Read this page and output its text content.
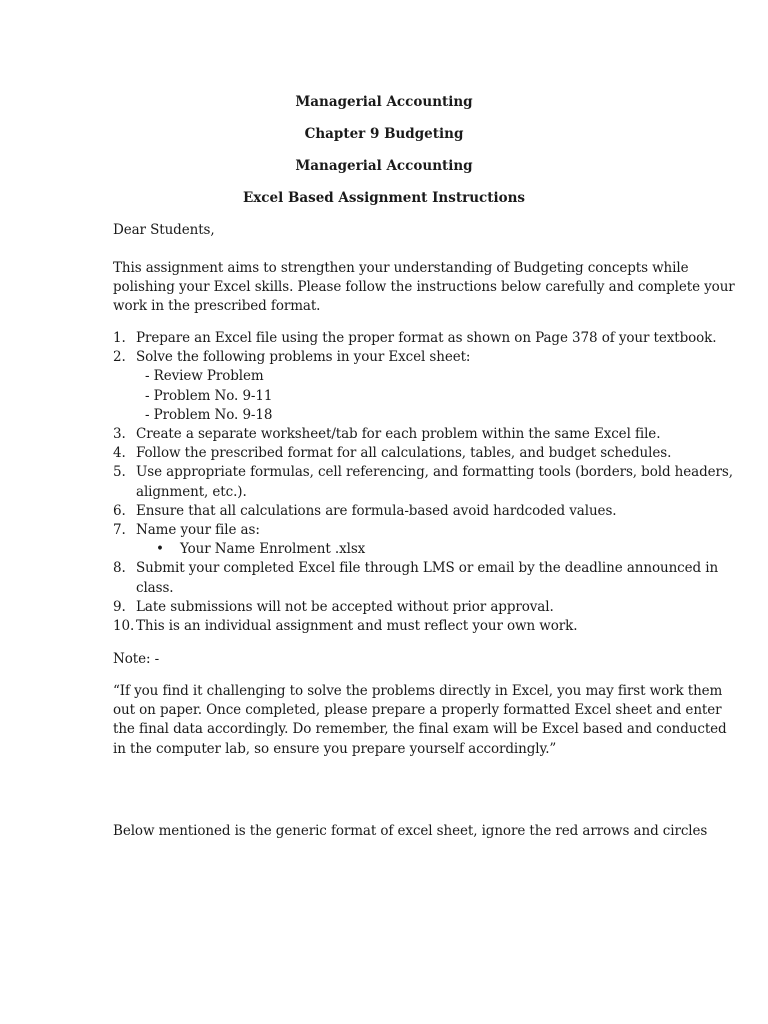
Managerial Accounting
Chapter 9 Budgeting
Managerial Accounting
Excel Based Assignment Instructions
Dear Students,
This assignment aims to strengthen your understanding of Budgeting concepts while
polishing your Excel skills. Please follow the instructions below carefully and complete your
work in the prescribed format.
1. Prepare an Excel file using the proper format as shown on Page 378 of your textbook.
2. Solve the following problems in your Excel sheet:
- Review Problem
- Problem No. 9-11
- Problem No. 9-18
3. Create a separate worksheet/tab for each problem within the same Excel file.
4. Follow the prescribed format for all calculations, tables, and budget schedules.
5. Use appropriate formulas, cell referencing, and formatting tools (borders, bold headers,
alignment, etc.).
6. Ensure that all calculations are formula-based avoid hardcoded values.
7. Name your file as:
• Your Name Enrolment .xlsx
8. Submit your completed Excel file through LMS or email by the deadline announced in
class.
9. Late submissions will not be accepted without prior approval.
10. This is an individual assignment and must reflect your own work.
Note: -
“If you find it challenging to solve the problems directly in Excel, you may first work them
out on paper. Once completed, please prepare a properly formatted Excel sheet and enter
the final data accordingly. Do remember, the final exam will be Excel based and conducted
in the computer lab, so ensure you prepare yourself accordingly.”
Below mentioned is the generic format of excel sheet, ignore the red arrows and circles
